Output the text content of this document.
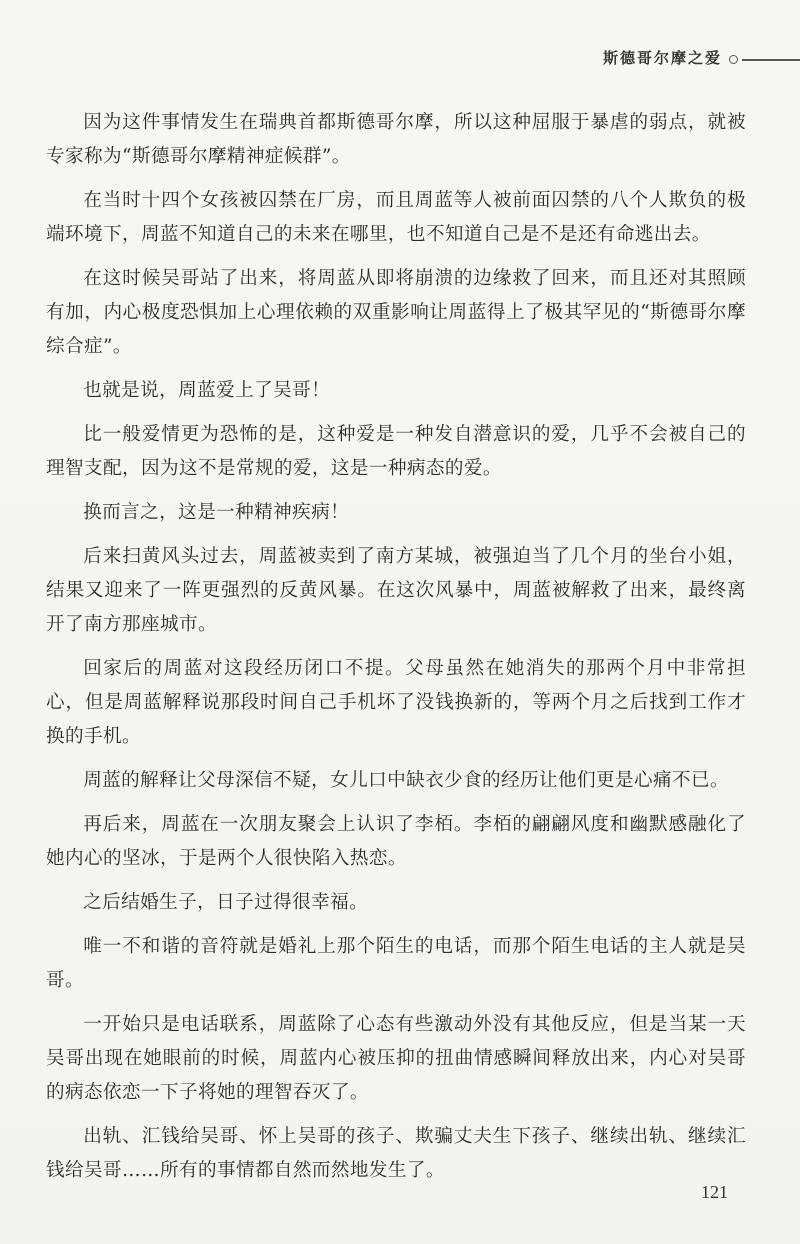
斯德哥尔摩之爱

因为这件事情发生在瑞典首都斯德哥尔摩，所以这种屈服于暴虐的弱点，就被专家称为“斯德哥尔摩精神症候群”。

在当时十四个女孩被囚禁在厂房，而且周蓝等人被前面囚禁的八个人欺负的极端环境下，周蓝不知道自己的未来在哪里，也不知道自己是不是还有命逃出去。

在这时候吴哥站了出来，将周蓝从即将崩溃的边缘救了回来，而且还对其照顾有加，内心极度恐惧加上心理依赖的双重影响让周蓝得上了极其罕见的“斯德哥尔摩综合症”。

也就是说，周蓝爱上了吴哥！

比一般爱情更为恐怖的是，这种爱是一种发自潜意识的爱，几乎不会被自己的理智支配，因为这不是常规的爱，这是一种病态的爱。

换而言之，这是一种精神疾病！

后来扫黄风头过去，周蓝被卖到了南方某城，被强迫当了几个月的坐台小姐，结果又迎来了一阵更强烈的反黄风暴。在这次风暴中，周蓝被解救了出来，最终离开了南方那座城市。

回家后的周蓝对这段经历闭口不提。父母虽然在她消失的那两个月中非常担心，但是周蓝解释说那段时间自己手机坏了没钱换新的，等两个月之后找到工作才换的手机。

周蓝的解释让父母深信不疑，女儿口中缺衣少食的经历让他们更是心痛不已。

再后来，周蓝在一次朋友聚会上认识了李栢。李栢的翩翩风度和幽默感融化了她内心的坚冰，于是两个人很快陷入热恋。

之后结婚生子，日子过得很幸福。

唯一不和谐的音符就是婚礼上那个陌生的电话，而那个陌生电话的主人就是吴哥。

一开始只是电话联系，周蓝除了心态有些激动外没有其他反应，但是当某一天吴哥出现在她眼前的时候，周蓝内心被压抑的扭曲情感瞬间释放出来，内心对吴哥的病态依恋一下子将她的理智吞灭了。

出轨、汇钱给吴哥、怀上吴哥的孩子、欺骗丈夫生下孩子、继续出轨、继续汇钱给吴哥……所有的事情都自然而然地发生了。

121
